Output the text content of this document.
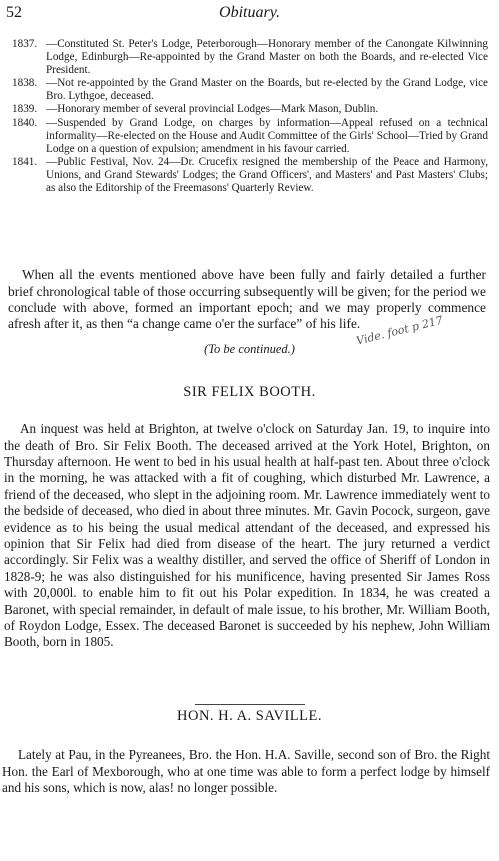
52	Obituary.
1837. —Constituted St. Peter's Lodge, Peterborough—Honorary member of the Canongate Kilwinning Lodge, Edinburgh—Re-appointed by the Grand Master on both the Boards, and re-elected Vice President.
1838. —Not re-appointed by the Grand Master on the Boards, but re-elected by the Grand Lodge, vice Bro. Lythgoe, deceased.
1839. —Honorary member of several provincial Lodges—Mark Mason, Dublin.
1840. —Suspended by Grand Lodge, on charges by information—Appeal refused on a technical informality—Re-elected on the House and Audit Committee of the Girls' School—Tried by Grand Lodge on a question of expulsion; amendment in his favour carried.
1841. —Public Festival, Nov. 24—Dr. Crucefix resigned the membership of the Peace and Harmony, Unions, and Grand Stewards' Lodges; the Grand Officers', and Masters' and Past Masters' Clubs; as also the Editorship of the Freemasons' Quarterly Review.

When all the events mentioned above have been fully and fairly detailed a further brief chronological table of those occurring subsequently will be given; for the period we conclude with above, formed an important epoch; and we may properly commence afresh after it, as then “a change came o'er the surface” of his life.

(To be continued.)
Vide. foot p 217
SIR FELIX BOOTH.

An inquest was held at Brighton, at twelve o'clock on Saturday Jan. 19, to inquire into the death of Bro. Sir Felix Booth. The deceased arrived at the York Hotel, Brighton, on Thursday afternoon. He went to bed in his usual health at half-past ten. About three o'clock in the morning, he was attacked with a fit of coughing, which disturbed Mr. Lawrence, a friend of the deceased, who slept in the adjoining room. Mr. Lawrence immediately went to the bedside of deceased, who died in about three minutes. Mr. Gavin Pocock, surgeon, gave evidence as to his being the usual medical attendant of the deceased, and expressed his opinion that Sir Felix had died from disease of the heart. The jury returned a verdict accordingly. Sir Felix was a wealthy distiller, and served the office of Sheriff of London in 1828-9; he was also distinguished for his munificence, having presented Sir James Ross with 20,000l. to enable him to fit out his Polar expedition. In 1834, he was created a Baronet, with special remainder, in default of male issue, to his brother, Mr. William Booth, of Roydon Lodge, Essex. The deceased Baronet is succeeded by his nephew, John William Booth, born in 1805.

HON. H. A. SAVILLE.

Lately at Pau, in the Pyreanees, Bro. the Hon. H.A. Saville, second son of Bro. the Right Hon. the Earl of Mexborough, who at one time was able to form a perfect lodge by himself and his sons, which is now, alas! no longer possible.
